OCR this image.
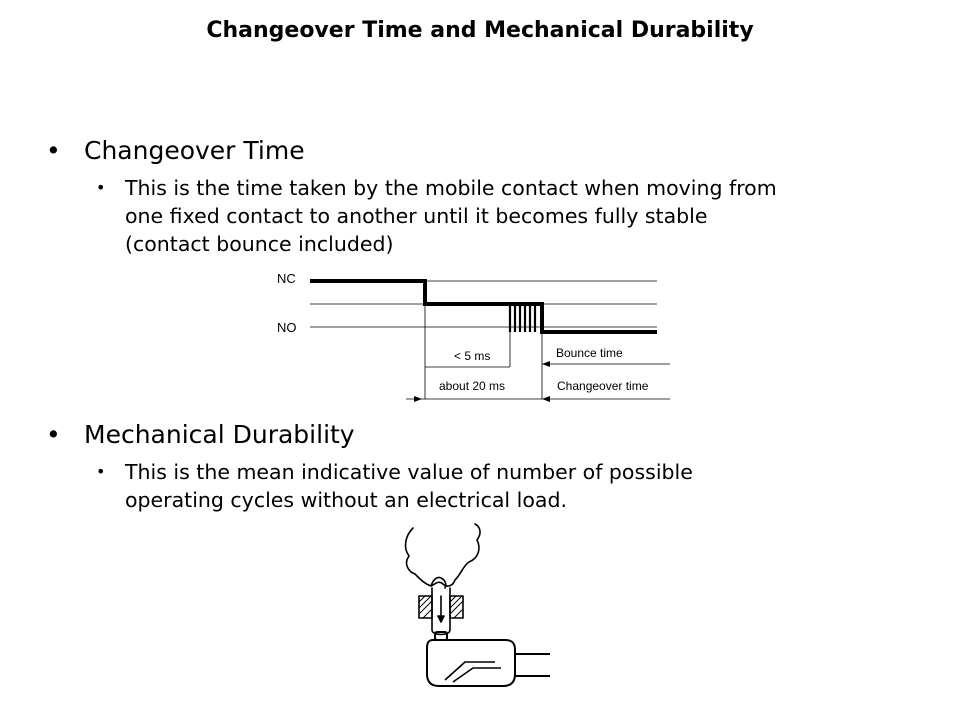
Changeover Time and Mechanical Durability
• Changeover Time
• This is the time taken by the mobile contact when moving from
one fixed contact to another until it becomes fully stable
(contact bounce included)
NC
NO
< 5 ms	Bounce time
about 20 ms	Changeover time
• Mechanical Durability
• This is the mean indicative value of number of possible
operating cycles without an electrical load.
